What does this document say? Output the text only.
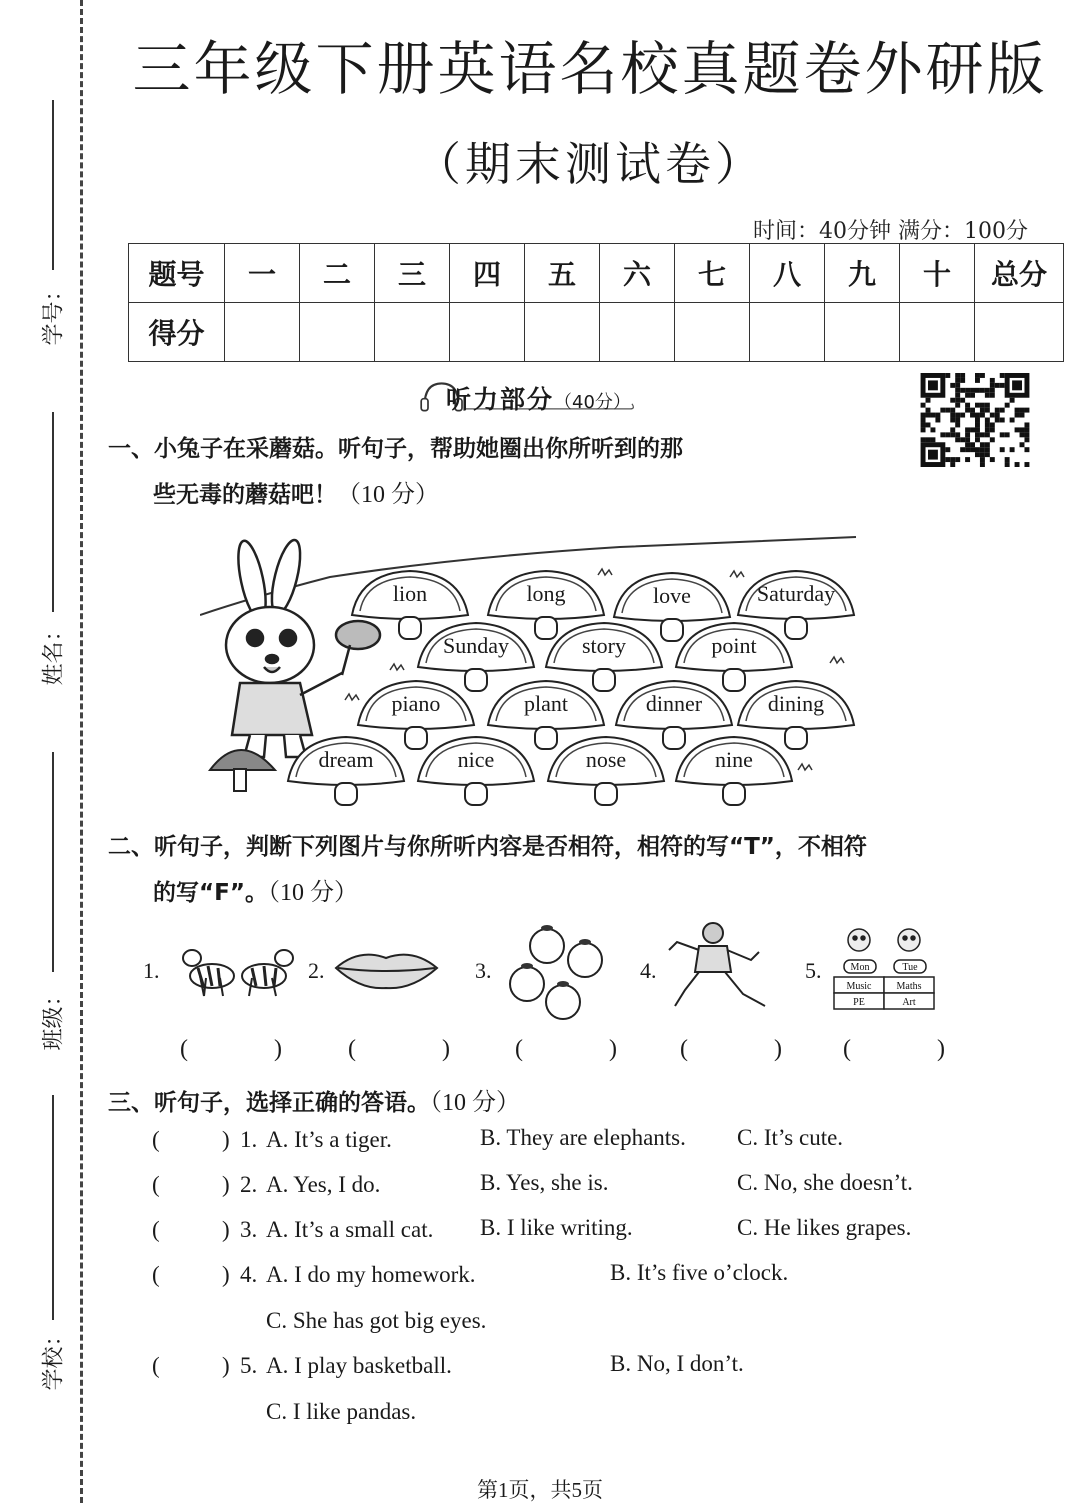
学号：
姓名：
班级：
学校：
三年级下册英语名校真题卷外研版
（期末测试卷）
时间：40分钟 满分：100分
题号	一	二	三	四	五	六	七	八	九	十	总分
得分											
听力部分（40分）
一、小兔子在采蘑菇。听句子，帮助她圈出你所听到的那
些无毒的蘑菇吧！（10 分）
lion	long	love	Saturday
Sunday	story	point
piano	plant	dinner	dining
dream	nice	nose	nine
二、听句子，判断下列图片与你所听内容是否相符，相符的写“T”，不相符
的写“F”。（10 分）
1.	2.	3.	4.	5.	Mon	Tue
Music	Maths
PE	Art
( ) ( ) ( ) ( ) ( )
三、听句子，选择正确的答语。（10 分）
(	) 1. A. It’s a tiger.	B. They are elephants. C. It’s cute.
(	) 2. A. Yes, I do.	B. Yes, she is.	C. No, she doesn’t.
(	) 3. A. It’s a small cat. B. I like writing.	C. He likes grapes.
(	) 4. A. I do my homework.	B. It’s five o’clock.
C. She has got big eyes.
(	) 5. A. I play basketball.	B. No, I don’t.
C. I like pandas.
第1页，共5页
